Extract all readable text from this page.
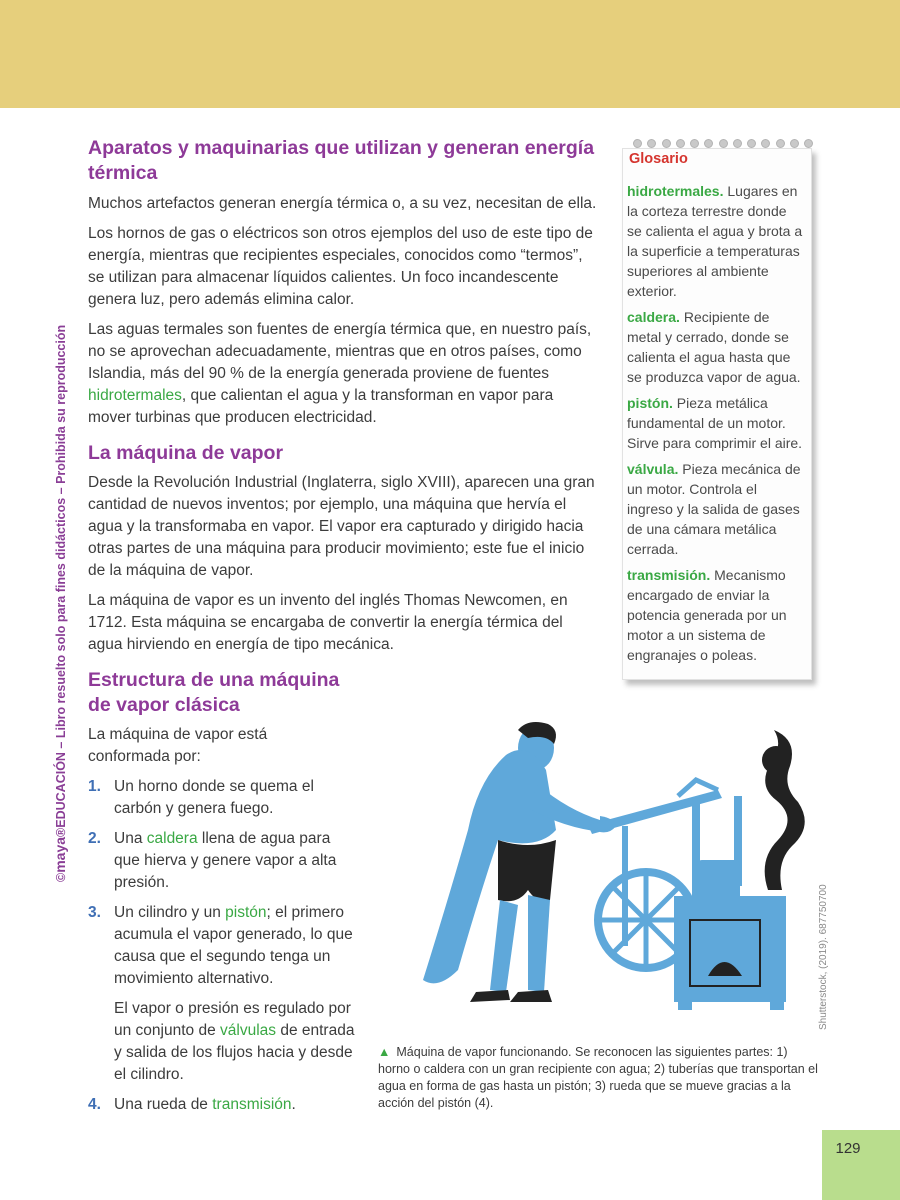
©maya®EDUCACIÓN – Libro resuelto solo para fines didácticos – Prohibida su reproducción
Aparatos y maquinarias que utilizan y generan energía térmica

Muchos artefactos generan energía térmica o, a su vez, necesitan de ella.

Los hornos de gas o eléctricos son otros ejemplos del uso de este tipo de energía, mientras que recipientes especiales, conocidos como “termos”, se utilizan para almacenar líquidos calientes. Un foco incandescente genera luz, pero además elimina calor.

Las aguas termales son fuentes de energía térmica que, en nuestro país, no se aprovechan adecuadamente, mientras que en otros países, como Islandia, más del 90 % de la energía generada proviene de fuentes hidrotermales, que calientan el agua y la transforman en vapor para mover turbinas que producen electricidad.

La máquina de vapor

Desde la Revolución Industrial (Inglaterra, siglo XVIII), aparecen una gran cantidad de nuevos inventos; por ejemplo, una máquina que hervía el agua y la transformaba en vapor. El vapor era capturado y dirigido hacia otras partes de una máquina para producir movimiento; este fue el inicio de la máquina de vapor.

La máquina de vapor es un invento del inglés Thomas Newcomen, en 1712. Esta máquina se encargaba de convertir la energía térmica del agua hirviendo en energía de tipo mecánica.

Estructura de una máquina de vapor clásica

La máquina de vapor está conformada por:

1. Un horno donde se quema el carbón y genera fuego.
2. Una caldera llena de agua para que hierva y genere vapor a alta presión.
3. Un cilindro y un pistón; el primero acumula el vapor generado, lo que causa que el segundo tenga un movimiento alternativo.
El vapor o presión es regulado por un conjunto de válvulas de entrada y salida de los flujos hacia y desde el cilindro.
4. Una rueda de transmisión.
Glosario
hidrotermales. Lugares en la corteza terrestre donde se calienta el agua y brota a la superficie a temperaturas superiores al ambiente exterior.
caldera. Recipiente de metal y cerrado, donde se calienta el agua hasta que se produzca vapor de agua.
pistón. Pieza metálica fundamental de un motor. Sirve para comprimir el aire.
válvula. Pieza mecánica de un motor. Controla el ingreso y la salida de gases de una cámara metálica cerrada.
transmisión. Mecanismo encargado de enviar la potencia generada por un motor a un sistema de engranajes o poleas.
Shutterstock, (2019). 687750700
▲ Máquina de vapor funcionando. Se reconocen las siguientes partes: 1) horno o caldera con un gran recipiente con agua; 2) tuberías que transportan el agua en forma de gas hasta un pistón; 3) rueda que se mueve gracias a la acción del pistón (4).
129
